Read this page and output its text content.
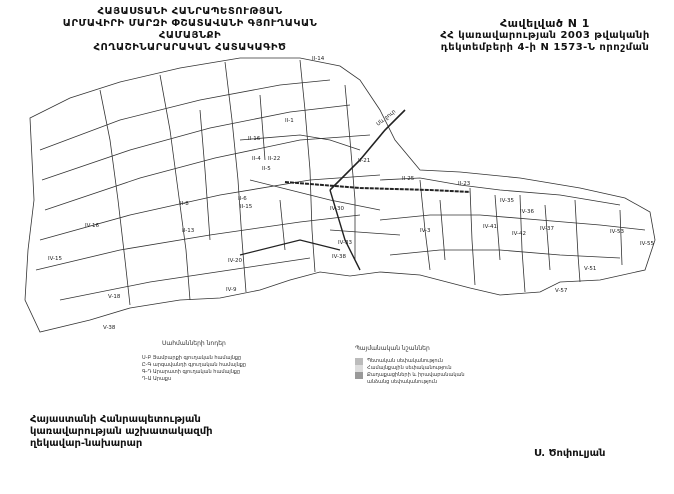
ՀԱՅԱՍՏԱՆԻ ՀԱՆՐԱՊԵՏՈՒԹՅԱՆ
ԱՐՄԱՎԻՐԻ ՄԱՐԶԻ ՓՇԱՏԱՎԱՆԻ ԳՅՈՒՂԱԿԱՆ ՀԱՄԱՅՆՔԻ
ՀՈՂԱՇԻՆԱՐԱՐԱԿԱՆ ՀԱՏԱԿԱԳԻԾ
Հավելված N 1
ՀՀ կառավարության 2003 թվականի
դեկտեմբերի 4-ի N 1573-Ն որոշման
II-14
II-1
II-16
II-22
II-23
II-21
II-25
II-4
II-5
II-6
II-8
II-13
II-15
IV-16
IV-15
V-18
V-38
IV-20
IV-9
IV-30
IV-33
IV-38
IV-3
IV-35
IV-36
IV-37
IV-41
IV-42
V-51
IV-53
IV-55
V-57
Սև ջուր
Սահմանների նոդեր
Ս-Բ Յամբարքի գյուղական համայնքը
Ը-Գ արգավանդի գյուղական համայնքը
Գ-Դ Արարատի գյուղական համայնքը
Դ-Ա Արաքս
Պայմանական նշաններ
Պետական սեփականություն
Համայնքային սեփականություն
Քաղաքացիների և իրավաբանական
անձանց սեփականություն
Հայաստանի Հանրապետության
կառավարության աշխատակազմի
ղեկավար-նախարար
Ս. Ծոփուլյան
